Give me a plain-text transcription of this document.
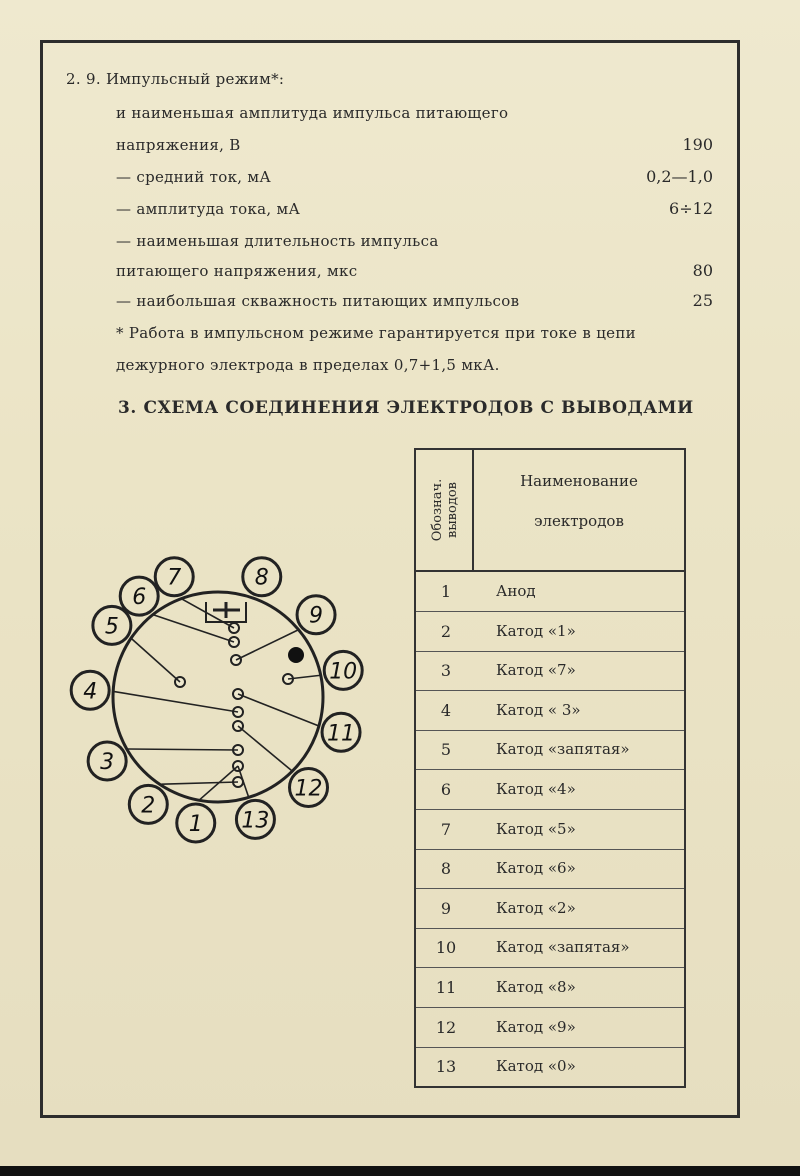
2. 9. Импульсный режим*:
и наименьшая амплитуда импульса питающего
напряжения, В	190
— средний ток, мА	0,2—1,0
— амплитуда тока, мА	6÷12
— наименьшая длительность импульса
питающего напряжения, мкс	80
— наибольшая скважность питающих импульсов	25
* Работа в импульсном режиме гарантируется при токе в цепи
дежурного электрода в пределах 0,7+1,5 мкА.
3. СХЕМА СОЕДИНЕНИЯ ЭЛЕКТРОДОВ С ВЫВОДАМИ
1
2
3
4
5
6
7	8
9
10
11
12
13
Обознач. выводов
Наименование
электродов
1	Анод
2	Катод «1»
3	Катод «7»
4	Катод « 3»
5	Катод «запятая»
6	Катод «4»
7	Катод «5»
8	Катод «6»
9	Катод «2»
10	Катод «запятая»
11	Катод «8»
12	Катод «9»
13	Катод «0»
